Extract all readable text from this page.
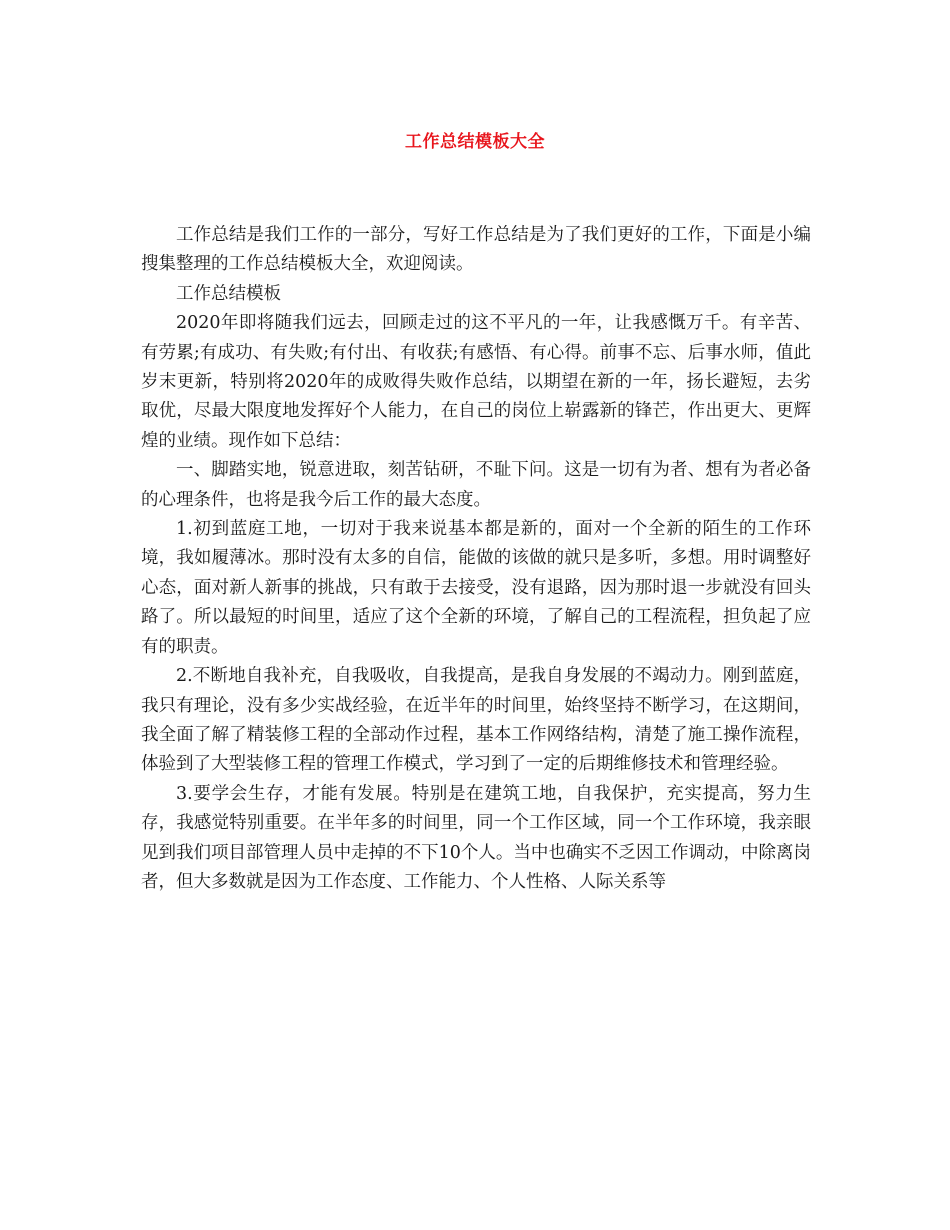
工作总结模板大全

工作总结是我们工作的一部分，写好工作总结是为了我们更好的工作，下面是小编搜集整理的工作总结模板大全，欢迎阅读。

工作总结模板

2020年即将随我们远去，回顾走过的这不平凡的一年，让我感慨万千。有辛苦、有劳累;有成功、有失败;有付出、有收获;有感悟、有心得。前事不忘、后事水师，值此岁末更新，特别将2020年的成败得失败作总结，以期望在新的一年，扬长避短，去劣取优，尽最大限度地发挥好个人能力，在自己的岗位上崭露新的锋芒，作出更大、更辉煌的业绩。现作如下总结：

一、脚踏实地，锐意进取，刻苦钻研，不耻下问。这是一切有为者、想有为者必备的心理条件，也将是我今后工作的最大态度。

1.初到蓝庭工地，一切对于我来说基本都是新的，面对一个全新的陌生的工作环境，我如履薄冰。那时没有太多的自信，能做的该做的就只是多听，多想。用时调整好心态，面对新人新事的挑战，只有敢于去接受，没有退路，因为那时退一步就没有回头路了。所以最短的时间里，适应了这个全新的环境，了解自己的工程流程，担负起了应有的职责。

2.不断地自我补充，自我吸收，自我提高，是我自身发展的不竭动力。刚到蓝庭，我只有理论，没有多少实战经验，在近半年的时间里，始终坚持不断学习，在这期间，我全面了解了精装修工程的全部动作过程，基本工作网络结构，清楚了施工操作流程，体验到了大型装修工程的管理工作模式，学习到了一定的后期维修技术和管理经验。

3.要学会生存，才能有发展。特别是在建筑工地，自我保护，充实提高，努力生存，我感觉特别重要。在半年多的时间里，同一个工作区域，同一个工作环境，我亲眼见到我们项目部管理人员中走掉的不下10个人。当中也确实不乏因工作调动，中除离岗者，但大多数就是因为工作态度、工作能力、个人性格、人际关系等
